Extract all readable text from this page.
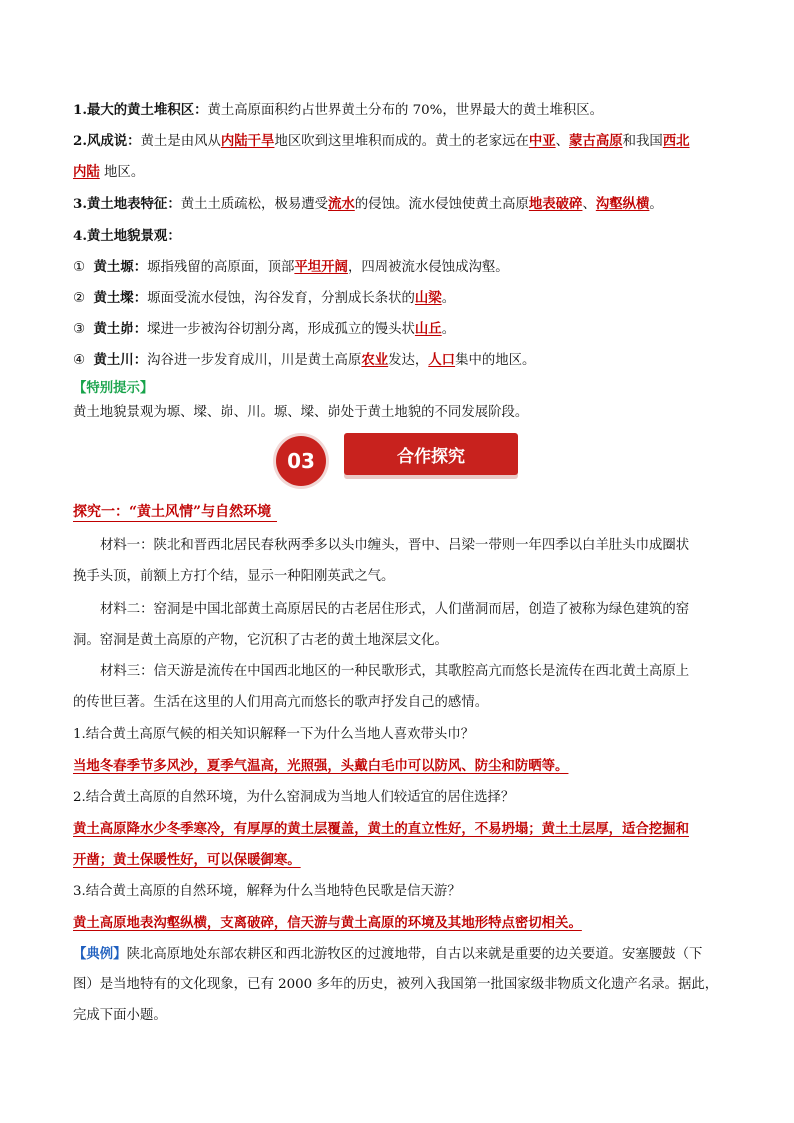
1.最大的黄土堆积区：黄土高原面积约占世界黄土分布的 70%，世界最大的黄土堆积区。
2.风成说：黄土是由风从内陆干旱地区吹到这里堆积而成的。黄土的老家远在中亚、蒙古高原和我国西北
内陆 地区。
3.黄土地表特征：黄土土质疏松，极易遭受流水的侵蚀。流水侵蚀使黄土高原地表破碎、沟壑纵横。
4.黄土地貌景观：
① 黄土塬：塬指残留的高原面，顶部平坦开阔，四周被流水侵蚀成沟壑。
② 黄土墚：塬面受流水侵蚀，沟谷发育，分割成长条状的山梁。
③ 黄土峁：墚进一步被沟谷切割分离，形成孤立的馒头状山丘。
④ 黄土川：沟谷进一步发育成川，川是黄土高原农业发达，人口集中的地区。
【特别提示】
黄土地貌景观为塬、墚、峁、川。塬、墚、峁处于黄土地貌的不同发展阶段。
03	合作探究
探究一：“黄土风情”与自然环境
材料一：陕北和晋西北居民春秋两季多以头巾缠头，晋中、吕梁一带则一年四季以白羊肚头巾成圈状
挽手头顶，前额上方打个结，显示一种阳刚英武之气。
材料二：窑洞是中国北部黄土高原居民的古老居住形式，人们凿洞而居，创造了被称为绿色建筑的窑
洞。窑洞是黄土高原的产物，它沉积了古老的黄土地深层文化。
材料三：信天游是流传在中国西北地区的一种民歌形式，其歌腔高亢而悠长是流传在西北黄土高原上
的传世巨著。生活在这里的人们用高亢而悠长的歌声抒发自己的感情。
1.结合黄土高原气候的相关知识解释一下为什么当地人喜欢带头巾？
当地冬春季节多风沙，夏季气温高，光照强，头戴白毛巾可以防风、防尘和防晒等。
2.结合黄土高原的自然环境，为什么窑洞成为当地人们较适宜的居住选择？
黄土高原降水少冬季寒冷，有厚厚的黄土层覆盖，黄土的直立性好，不易坍塌；黄土土层厚，适合挖掘和
开凿；黄土保暖性好，可以保暖御寒。
3.结合黄土高原的自然环境，解释为什么当地特色民歌是信天游？
黄土高原地表沟壑纵横，支离破碎，信天游与黄土高原的环境及其地形特点密切相关。
【典例】陕北高原地处东部农耕区和西北游牧区的过渡地带，自古以来就是重要的边关要道。安塞腰鼓（下
图）是当地特有的文化现象，已有 2000 多年的历史，被列入我国第一批国家级非物质文化遗产名录。据此，
完成下面小题。
